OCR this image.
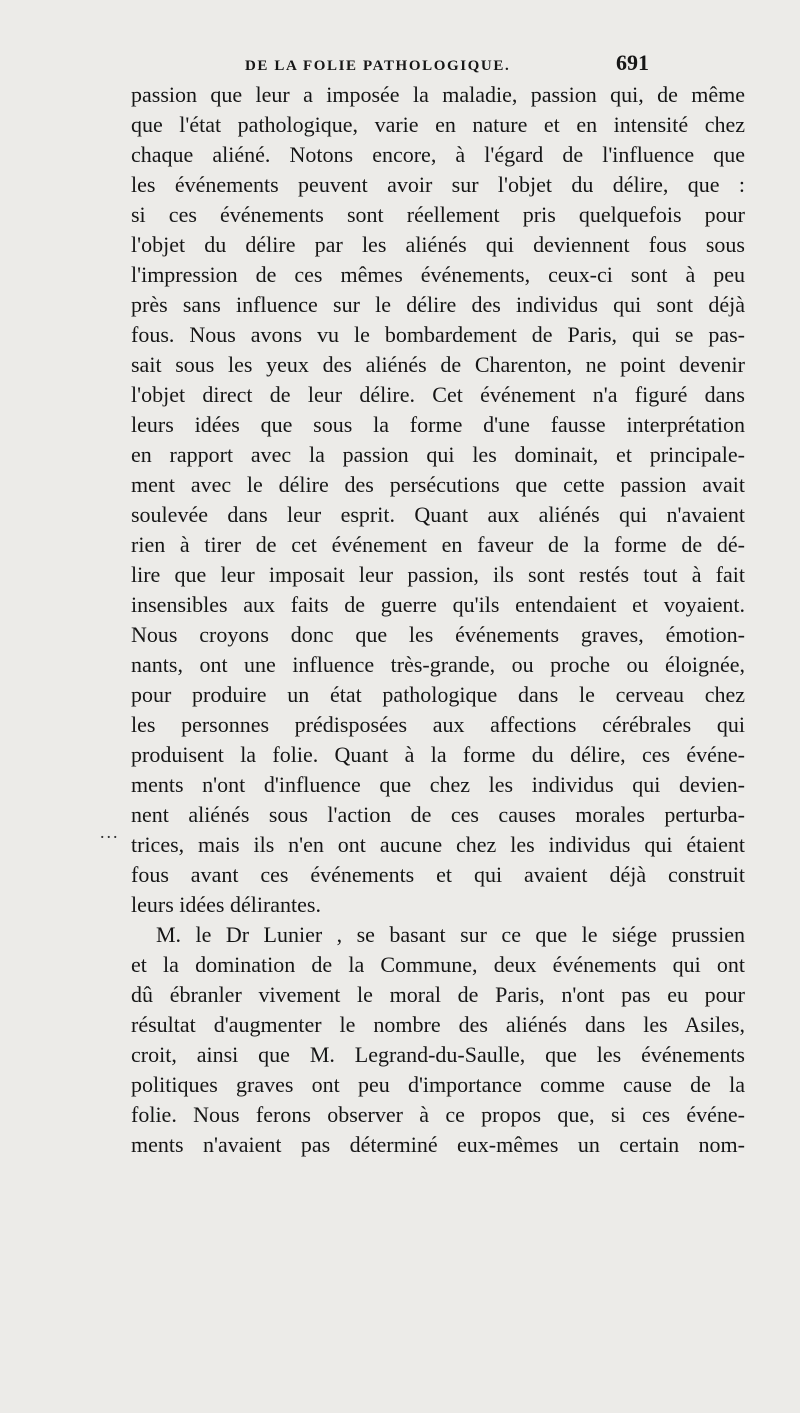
DE LA FOLIE PATHOLOGIQUE.	691
...
passion que leur a imposée la maladie, passion qui, de même
que l'état pathologique, varie en nature et en intensité chez
chaque aliéné. Notons encore, à l'égard de l'influence que
les événements peuvent avoir sur l'objet du délire, que :
si ces événements sont réellement pris quelquefois pour
l'objet du délire par les aliénés qui deviennent fous sous
l'impression de ces mêmes événements, ceux-ci sont à peu
près sans influence sur le délire des individus qui sont déjà
fous. Nous avons vu le bombardement de Paris, qui se pas-
sait sous les yeux des aliénés de Charenton, ne point devenir
l'objet direct de leur délire. Cet événement n'a figuré dans
leurs idées que sous la forme d'une fausse interprétation
en rapport avec la passion qui les dominait, et principale-
ment avec le délire des persécutions que cette passion avait
soulevée dans leur esprit. Quant aux aliénés qui n'avaient
rien à tirer de cet événement en faveur de la forme de dé-
lire que leur imposait leur passion, ils sont restés tout à fait
insensibles aux faits de guerre qu'ils entendaient et voyaient.
Nous croyons donc que les événements graves, émotion-
nants, ont une influence très-grande, ou proche ou éloignée,
pour produire un état pathologique dans le cerveau chez
les personnes prédisposées aux affections cérébrales qui
produisent la folie. Quant à la forme du délire, ces événe-
ments n'ont d'influence que chez les individus qui devien-
nent aliénés sous l'action de ces causes morales perturba-
trices, mais ils n'en ont aucune chez les individus qui étaient
fous avant ces événements et qui avaient déjà construit
leurs idées délirantes.
M. le Dr Lunier , se basant sur ce que le siége prussien
et la domination de la Commune, deux événements qui ont
dû ébranler vivement le moral de Paris, n'ont pas eu pour
résultat d'augmenter le nombre des aliénés dans les Asiles,
croit, ainsi que M. Legrand-du-Saulle, que les événements
politiques graves ont peu d'importance comme cause de la
folie. Nous ferons observer à ce propos que, si ces événe-
ments n'avaient pas déterminé eux-mêmes un certain nom-
